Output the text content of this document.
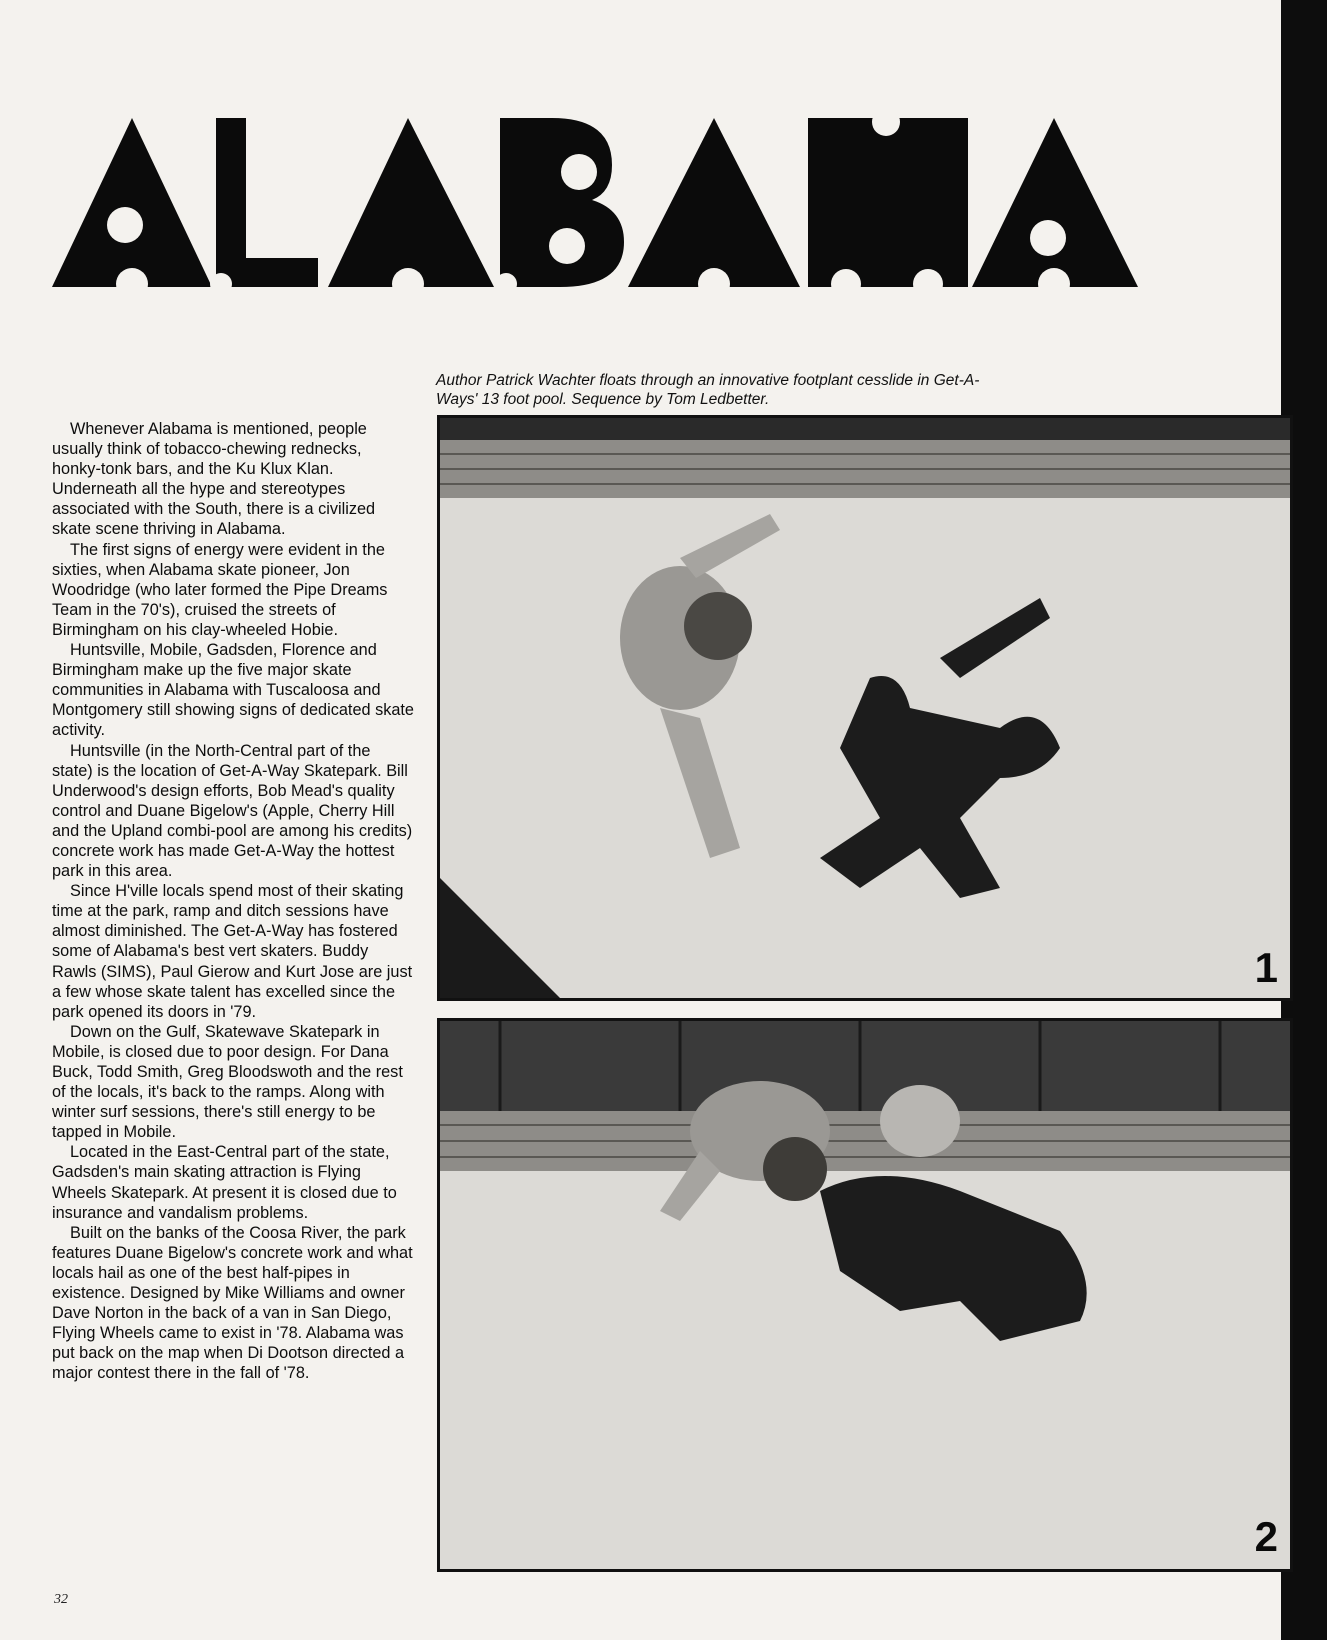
ALABAMA
Author Patrick Wachter floats through an innovative footplant cesslide in Get-A-Ways' 13 foot pool. Sequence by Tom Ledbetter.

Whenever Alabama is mentioned, people usually think of tobacco-chewing rednecks, honky-tonk bars, and the Ku Klux Klan. Underneath all the hype and stereotypes associated with the South, there is a civilized skate scene thriving in Alabama.

The first signs of energy were evident in the sixties, when Alabama skate pioneer, Jon Woodridge (who later formed the Pipe Dreams Team in the 70's), cruised the streets of Birmingham on his clay-wheeled Hobie.

Huntsville, Mobile, Gadsden, Florence and Birmingham make up the five major skate communities in Alabama with Tuscaloosa and Montgomery still showing signs of dedicated skate activity.

Huntsville (in the North-Central part of the state) is the location of Get-A-Way Skatepark. Bill Underwood's design efforts, Bob Mead's quality control and Duane Bigelow's (Apple, Cherry Hill and the Upland combi-pool are among his credits) concrete work has made Get-A-Way the hottest park in this area.

Since H'ville locals spend most of their skating time at the park, ramp and ditch sessions have almost diminished. The Get-A-Way has fostered some of Alabama's best vert skaters. Buddy Rawls (SIMS), Paul Gierow and Kurt Jose are just a few whose skate talent has excelled since the park opened its doors in '79.

Down on the Gulf, Skatewave Skatepark in Mobile, is closed due to poor design. For Dana Buck, Todd Smith, Greg Bloodswoth and the rest of the locals, it's back to the ramps. Along with winter surf sessions, there's still energy to be tapped in Mobile.

Located in the East-Central part of the state, Gadsden's main skating attraction is Flying Wheels Skatepark. At present it is closed due to insurance and vandalism problems.

Built on the banks of the Coosa River, the park features Duane Bigelow's concrete work and what locals hail as one of the best half-pipes in existence. Designed by Mike Williams and owner Dave Norton in the back of a van in San Diego, Flying Wheels came to exist in '78. Alabama was put back on the map when Di Dootson directed a major contest there in the fall of '78.

1
2
32
